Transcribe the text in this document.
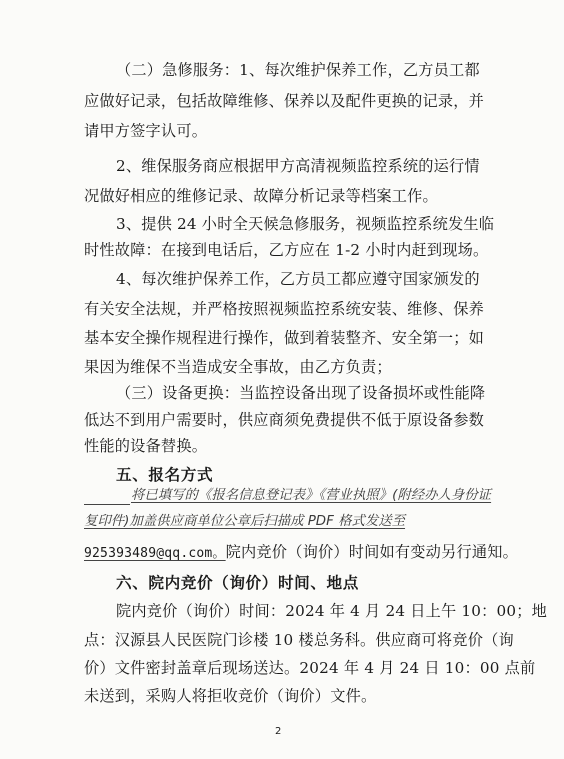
（二）急修服务：1、每次维护保养工作，乙方员工都
应做好记录，包括故障维修、保养以及配件更换的记录，并
请甲方签字认可。
2、维保服务商应根据甲方高清视频监控系统的运行情
况做好相应的维修记录、故障分析记录等档案工作。
3、提供 24 小时全天候急修服务，视频监控系统发生临
时性故障：在接到电话后，乙方应在 1-2 小时内赶到现场。
4、每次维护保养工作，乙方员工都应遵守国家颁发的
有关安全法规，并严格按照视频监控系统安装、维修、保养
基本安全操作规程进行操作，做到着装整齐、安全第一；如
果因为维保不当造成安全事故，由乙方负责；
（三）设备更换：当监控设备出现了设备损坏或性能降
低达不到用户需要时，供应商须免费提供不低于原设备参数
性能的设备替换。
五、报名方式
将已填写的《报名信息登记表》《营业执照》(附经办人身份证
复印件)加盖供应商单位公章后扫描成 PDF 格式发送至
925393489@qq.com。院内竞价（询价）时间如有变动另行通知。
六、院内竞价（询价）时间、地点
院内竞价（询价）时间：2024 年 4 月 24 日上午 10：00；地
点：汉源县人民医院门诊楼 10 楼总务科。供应商可将竞价（询
价）文件密封盖章后现场送达。2024 年 4 月 24 日 10：00 点前
未送到，采购人将拒收竞价（询价）文件。
2
